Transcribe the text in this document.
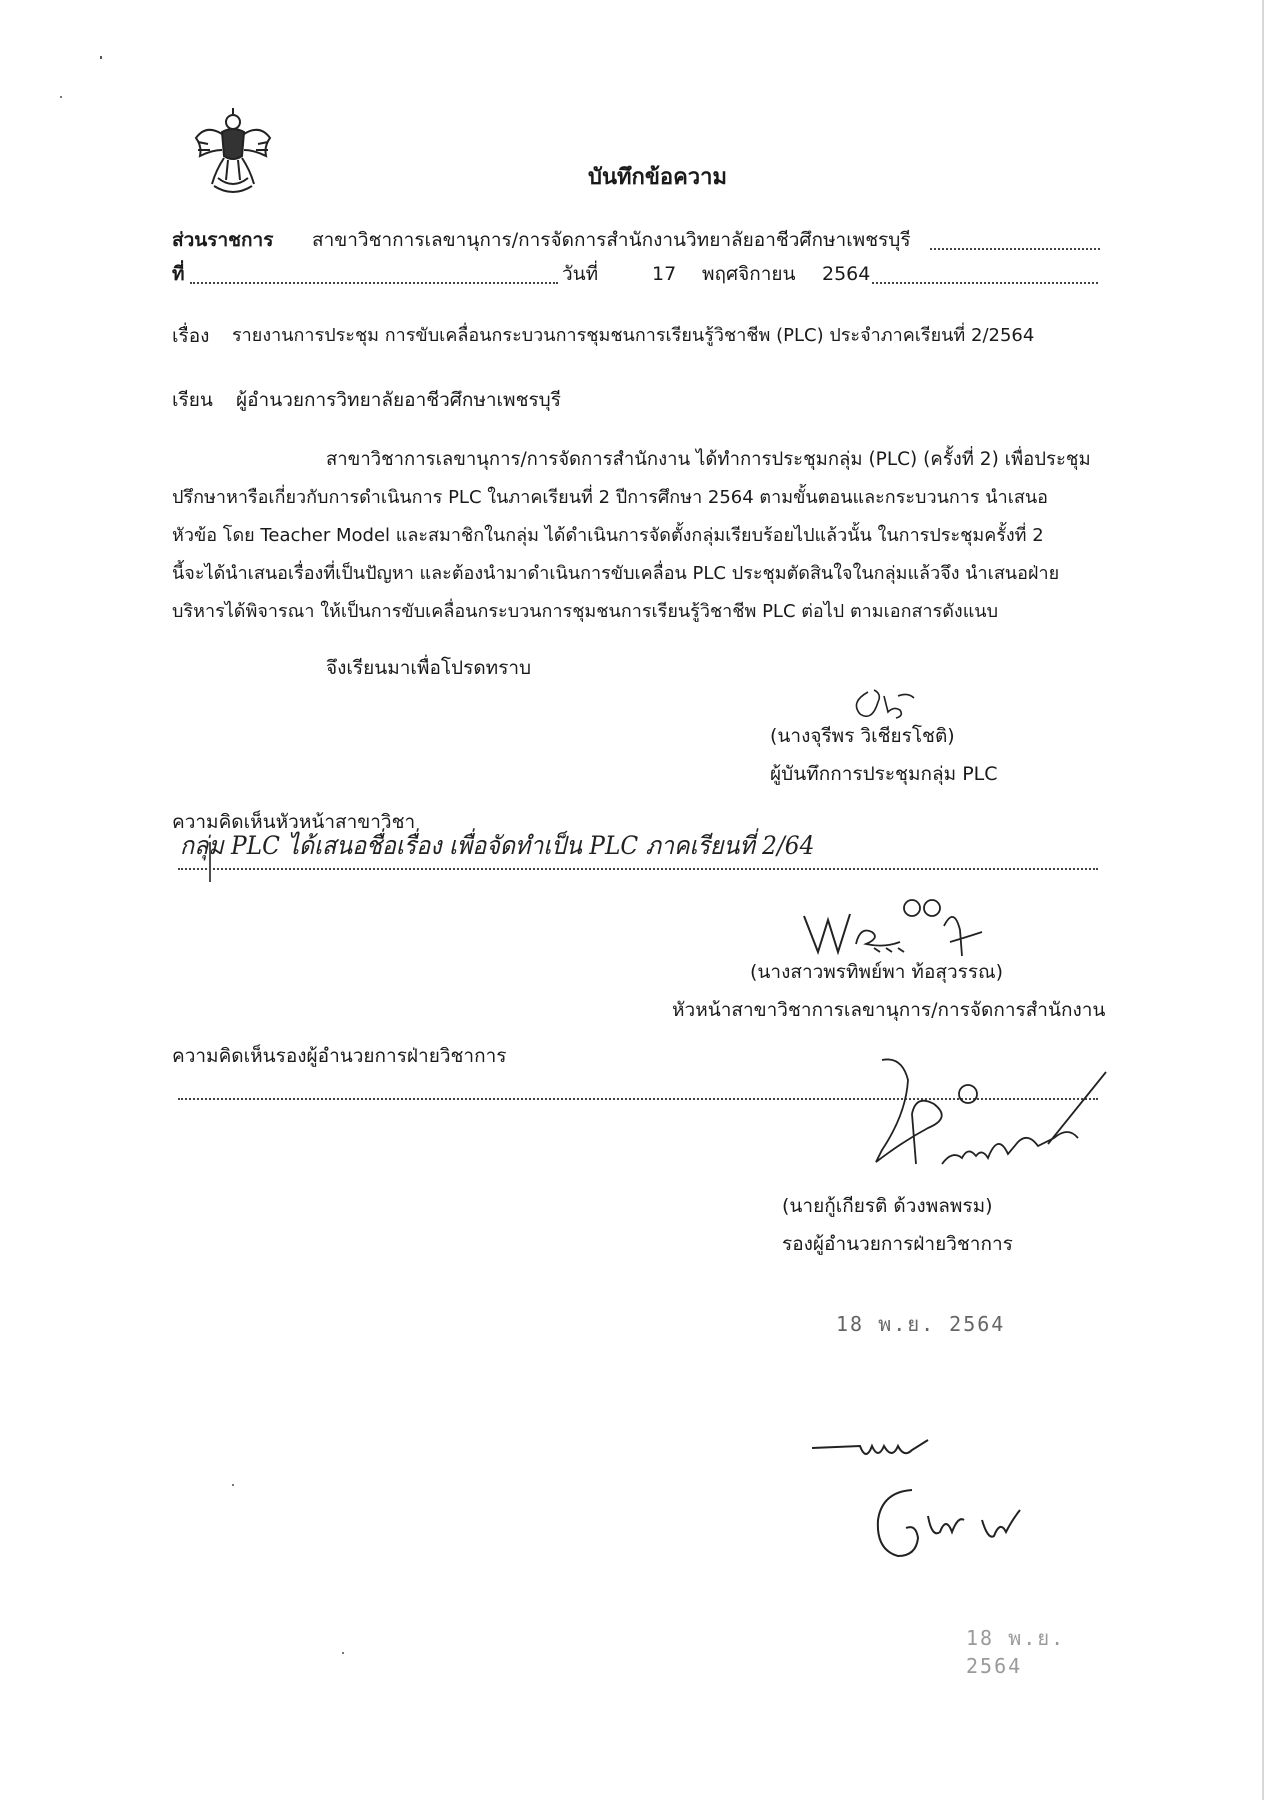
บันทึกข้อความ
ส่วนราชการ สาขาวิชาการเลขานุการ/การจัดการสำนักงานวิทยาลัยอาชีวศึกษาเพชรบุรี
ที่	วันที่	17 พฤศจิกายน 2564
เรื่อง รายงานการประชุม การขับเคลื่อนกระบวนการชุมชนการเรียนรู้วิชาชีพ (PLC) ประจำภาคเรียนที่ 2/2564
เรียน ผู้อำนวยการวิทยาลัยอาชีวศึกษาเพชรบุรี
สาขาวิชาการเลขานุการ/การจัดการสำนักงาน ได้ทำการประชุมกลุ่ม (PLC) (ครั้งที่ 2) เพื่อประชุม
ปรึกษาหารือเกี่ยวกับการดำเนินการ PLC ในภาคเรียนที่ 2 ปีการศึกษา 2564 ตามขั้นตอนและกระบวนการ นำเสนอ
หัวข้อ โดย Teacher Model และสมาชิกในกลุ่ม ได้ดำเนินการจัดตั้งกลุ่มเรียบร้อยไปแล้วนั้น ในการประชุมครั้งที่ 2
นี้จะได้นำเสนอเรื่องที่เป็นปัญหา และต้องนำมาดำเนินการขับเคลื่อน PLC ประชุมตัดสินใจในกลุ่มแล้วจึง นำเสนอฝ่าย
บริหารได้พิจารณา ให้เป็นการขับเคลื่อนกระบวนการชุมชนการเรียนรู้วิชาชีพ PLC ต่อไป ตามเอกสารดังแนบ
จึงเรียนมาเพื่อโปรดทราบ
(นางจุรีพร วิเชียรโชติ)
ผู้บันทึกการประชุมกลุ่ม PLC
ความคิดเห็นหัวหน้าสาขาวิชา
กลุ่ม PLC ได้เสนอชื่อเรื่อง เพื่อจัดทำเป็น PLC ภาคเรียนที่ 2/64
(นางสาวพรทิพย์พา ท้อสุวรรณ)
หัวหน้าสาขาวิชาการเลขานุการ/การจัดการสำนักงาน
ความคิดเห็นรองผู้อำนวยการฝ่ายวิชาการ
(นายกู้เกียรติ ด้วงพลพรม)
รองผู้อำนวยการฝ่ายวิชาการ
18 พ.ย. 2564
18 พ.ย. 2564
